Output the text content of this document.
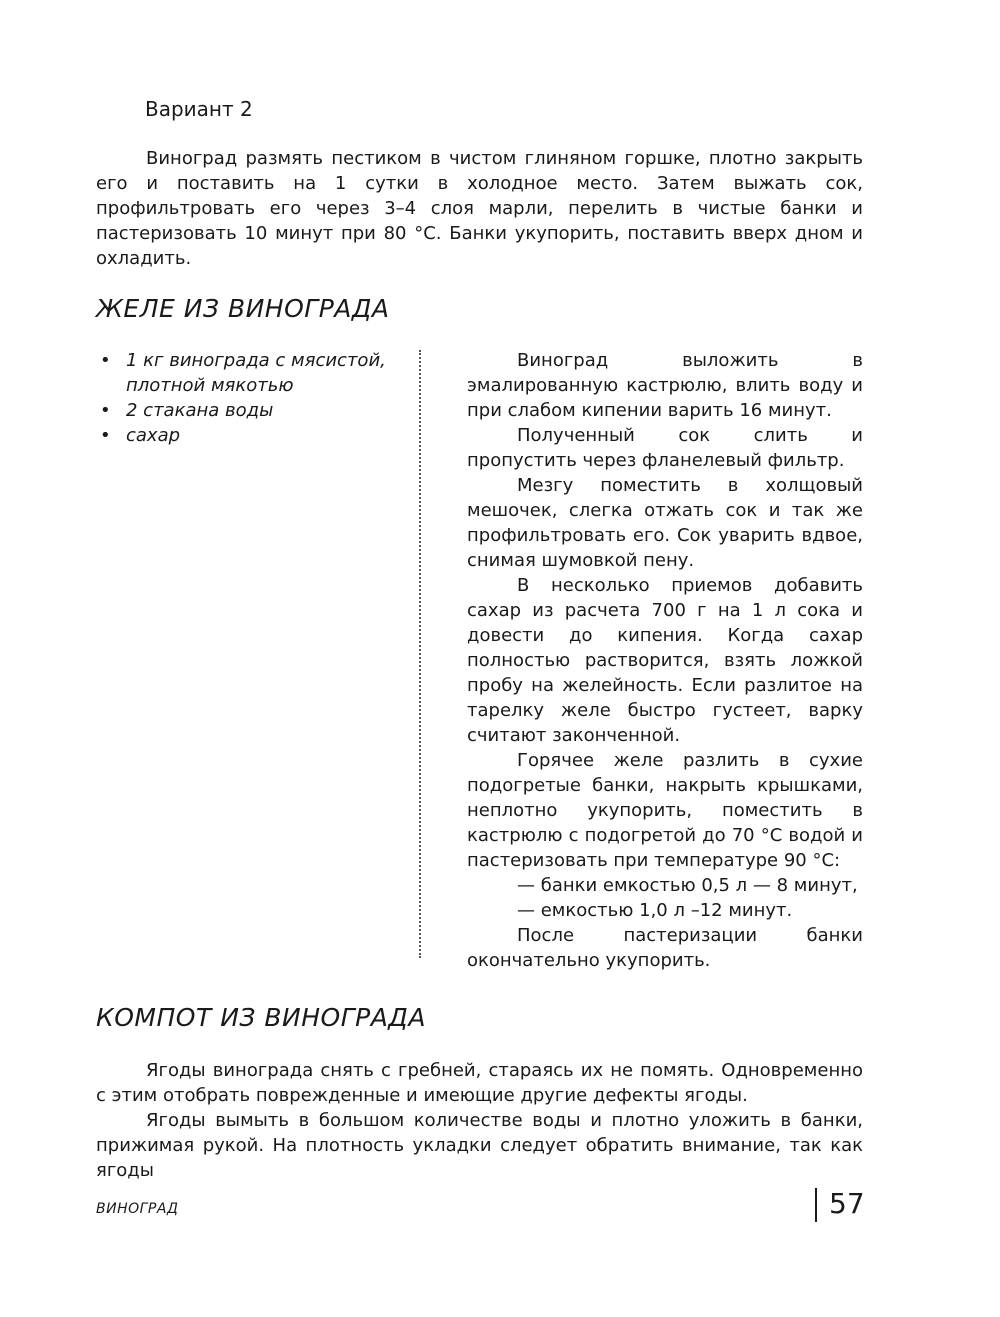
Вариант 2

Виноград размять пестиком в чистом глиняном горшке, плотно закрыть его и поставить на 1 сутки в холодное место. Затем выжать сок, профильтровать его через 3–4 слоя марли, перелить в чистые банки и пастеризовать 10 минут при 80 °С. Банки укупорить, поставить вверх дном и охладить.

ЖЕЛЕ ИЗ ВИНОГРАДА
• 1 кг винограда с мясистой, плотной мякотью
• 2 стакана воды
• сахар

Виноград выложить в эмалированную кастрюлю, влить воду и при слабом кипении варить 16 минут.

Полученный сок слить и пропустить через фланелевый фильтр.

Мезгу поместить в холщовый мешочек, слегка отжать сок и так же профильтровать его. Сок уварить вдвое, снимая шумовкой пену.

В несколько приемов добавить сахар из расчета 700 г на 1 л сока и довести до кипения. Когда сахар полностью растворится, взять ложкой пробу на желейность. Если разлитое на тарелку желе быстро густеет, варку считают законченной.

Горячее желе разлить в сухие подогретые банки, накрыть крышками, неплотно укупорить, поместить в кастрюлю с подогретой до 70 °С водой и пастеризовать при температуре 90 °С:

— банки емкостью 0,5 л — 8 минут,

— емкостью 1,0 л –12 минут.

После пастеризации банки окончательно укупорить.

КОМПОТ ИЗ ВИНОГРАДА

Ягоды винограда снять с гребней, стараясь их не помять. Одновременно с этим отобрать поврежденные и имеющие другие дефекты ягоды.

Ягоды вымыть в большом количестве воды и плотно уложить в банки, прижимая рукой. На плотность укладки следует обратить внимание, так как ягоды

ВИНОГРАД	57
